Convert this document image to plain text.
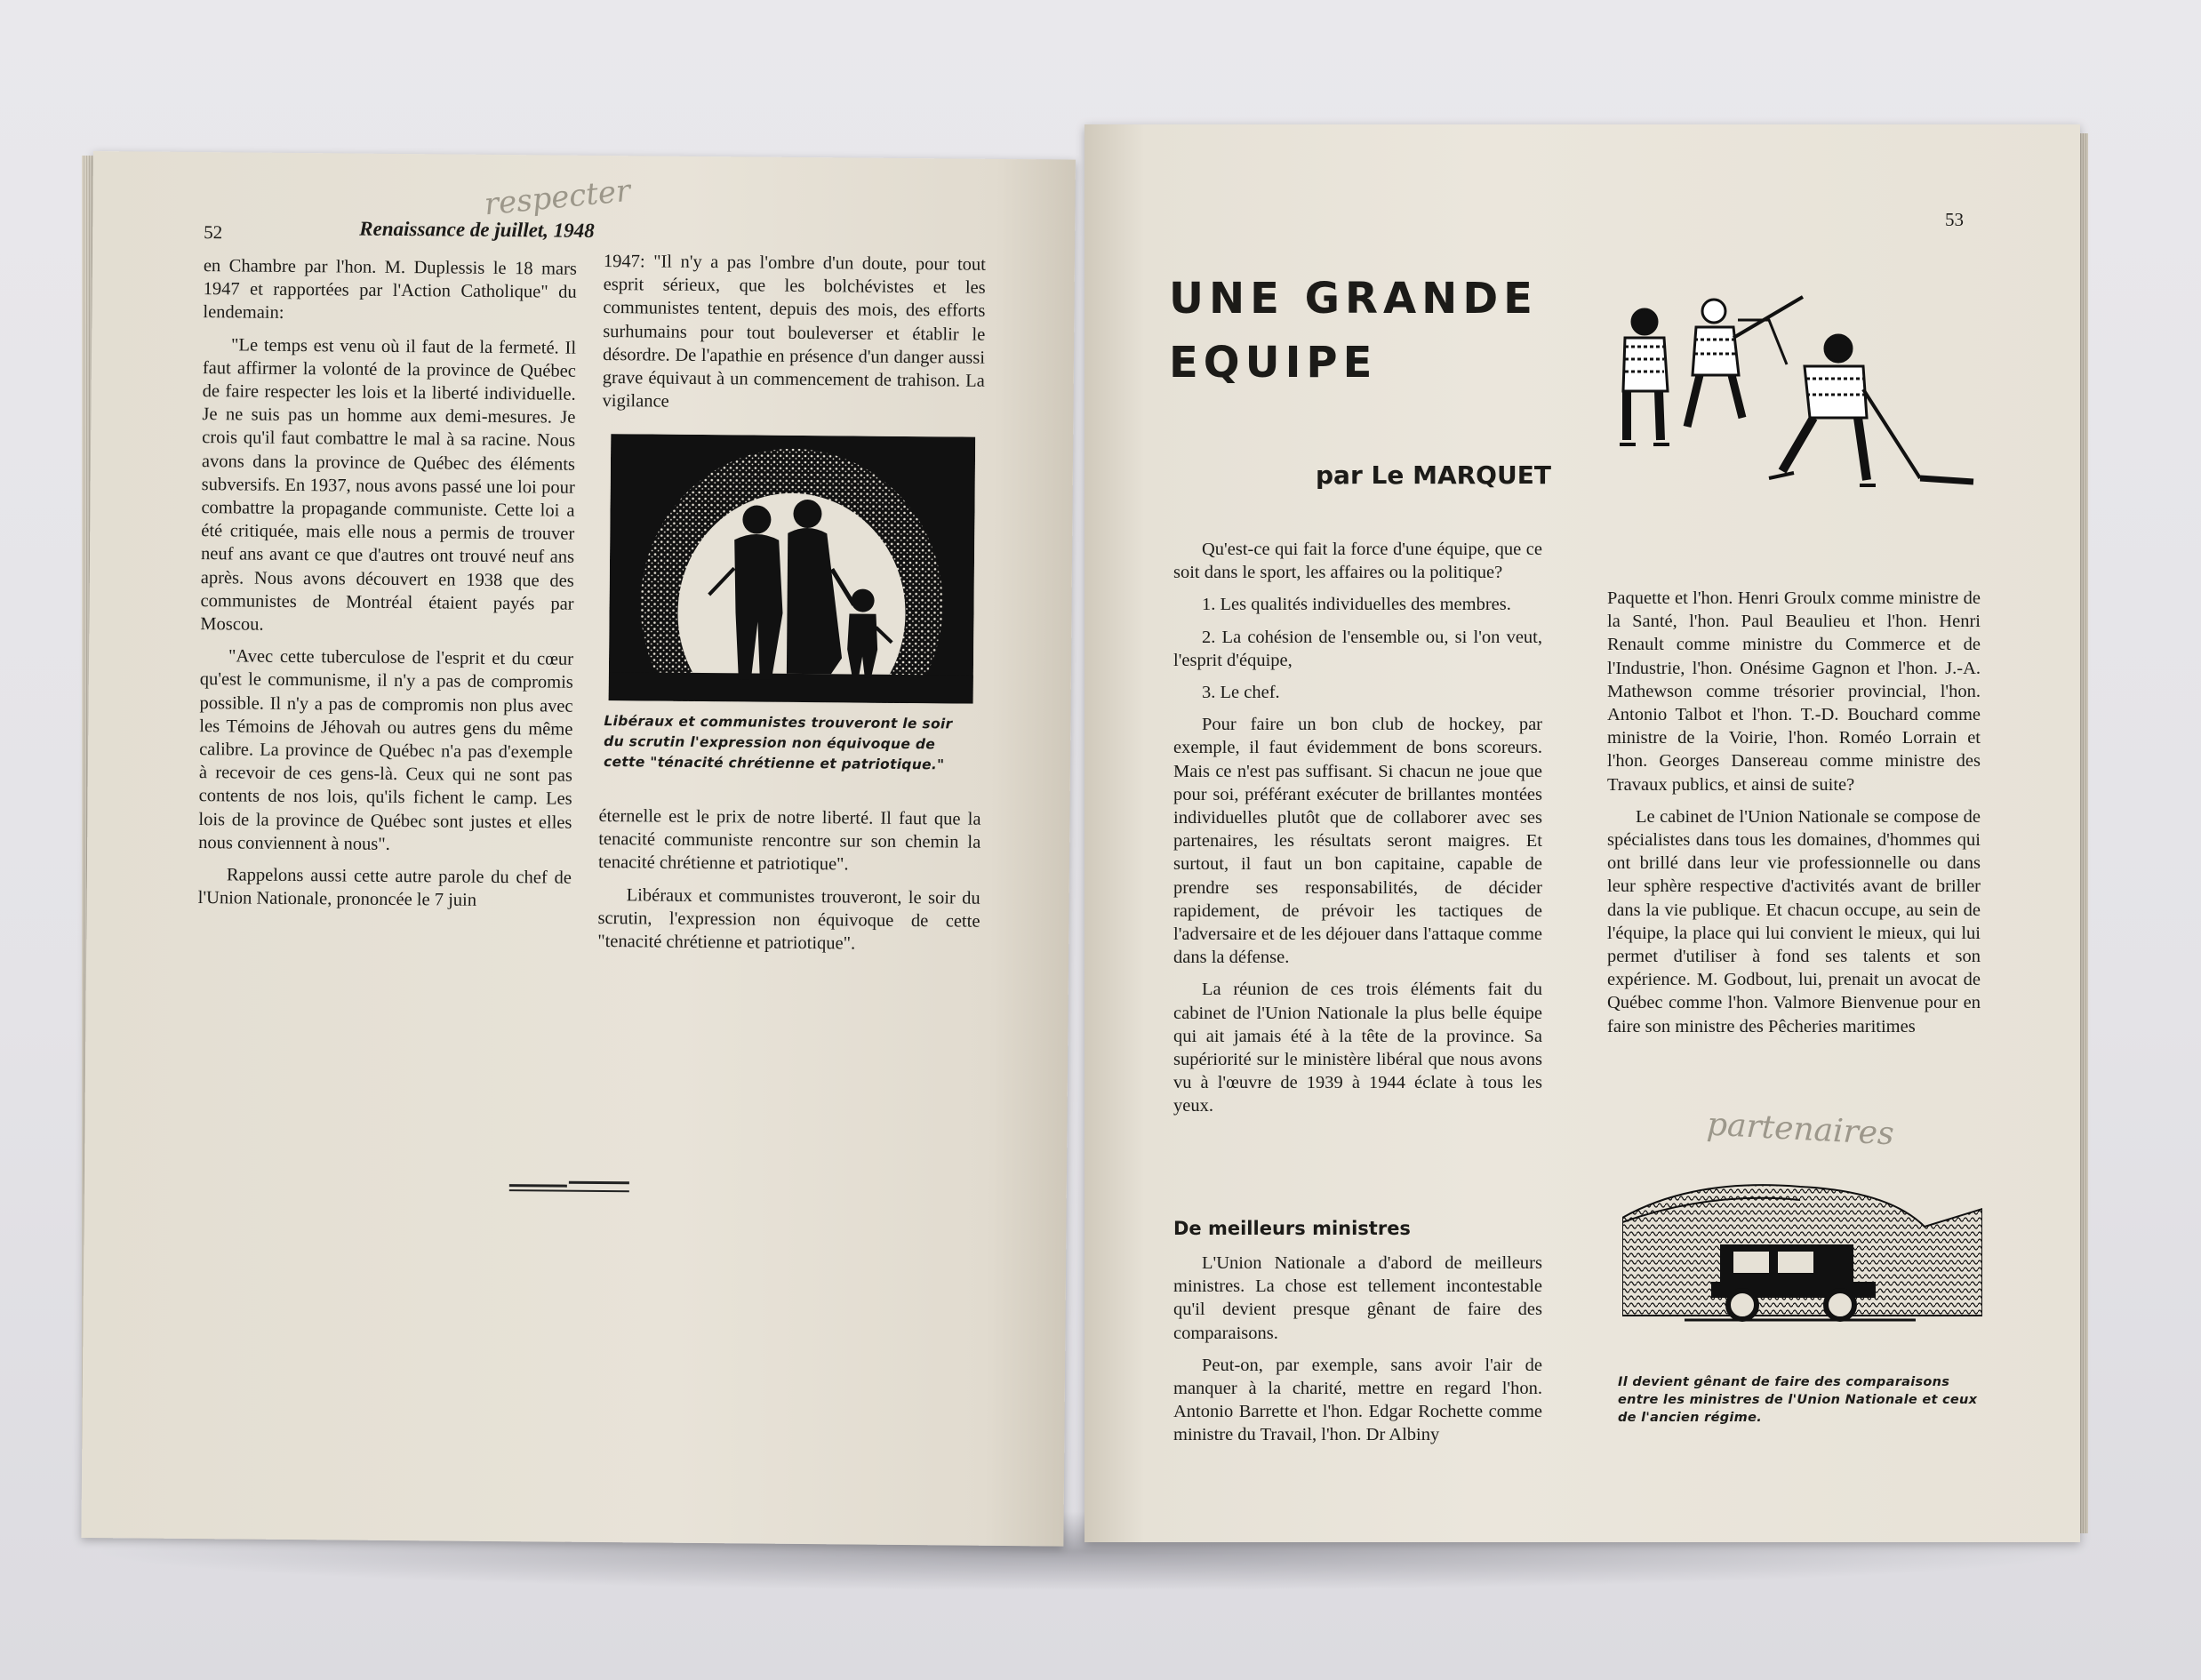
52	Renaissance de juillet, 1948
respecter

en Chambre par l'hon. M. Duplessis le 18 mars 1947 et rapportées par l'Action Catholique" du lendemain:

"Le temps est venu où il faut de la fermeté. Il faut affirmer la volonté de la province de Québec de faire respecter les lois et la liberté individuelle. Je ne suis pas un homme aux demi-mesures. Je crois qu'il faut combattre le mal à sa racine. Nous avons dans la province de Québec des éléments subversifs. En 1937, nous avons passé une loi pour combattre la propagande communiste. Cette loi a été critiquée, mais elle nous a permis de trouver neuf ans avant ce que d'autres ont trouvé neuf ans après. Nous avons découvert en 1938 que des communistes de Montréal étaient payés par Moscou.

"Avec cette tuberculose de l'esprit et du cœur qu'est le communisme, il n'y a pas de compromis possible. Il n'y a pas de compromis non plus avec les Témoins de Jéhovah ou autres gens du même calibre. La province de Québec n'a pas d'exemple à recevoir de ces gens-là. Ceux qui ne sont pas contents de nos lois, qu'ils fichent le camp. Les lois de la province de Québec sont justes et elles nous conviennent à nous".

Rappelons aussi cette autre parole du chef de l'Union Nationale, prononcée le 7 juin

1947: "Il n'y a pas l'ombre d'un doute, pour tout esprit sérieux, que les bolchévistes et les communistes tentent, depuis des mois, des efforts surhumains pour tout bouleverser et établir le désordre. De l'apathie en présence d'un danger aussi grave équivaut à un commencement de trahison. La vigilance

Libéraux et communistes trouveront le soir du scrutin l'expression non équivoque de cette "ténacité chrétienne et patriotique."

éternelle est le prix de notre liberté. Il faut que la tenacité communiste rencontre sur son chemin la tenacité chrétienne et patriotique".

Libéraux et communistes trouveront, le soir du scrutin, l'expression non équivoque de cette "tenacité chrétienne et patriotique".

53
UNE GRANDE
EQUIPE
par Le MARQUET

Qu'est-ce qui fait la force d'une équipe, que ce soit dans le sport, les affaires ou la politique?

1. Les qualités individuelles des membres.

2. La cohésion de l'ensemble ou, si l'on veut, l'esprit d'équipe,

3. Le chef.

Pour faire un bon club de hockey, par exemple, il faut évidemment de bons scoreurs. Mais ce n'est pas suffisant. Si chacun ne joue que pour soi, préférant exécuter de brillantes montées individuelles plutôt que de collaborer avec ses partenaires, les résultats seront maigres. Et surtout, il faut un bon capitaine, capable de prendre ses responsabilités, de décider rapidement, de prévoir les tactiques de l'adversaire et de les déjouer dans l'attaque comme dans la défense.

La réunion de ces trois éléments fait du cabinet de l'Union Nationale la plus belle équipe qui ait jamais été à la tête de la province. Sa supériorité sur le ministère libéral que nous avons vu à l'œuvre de 1939 à 1944 éclate à tous les yeux.

De meilleurs ministres

L'Union Nationale a d'abord de meilleurs ministres. La chose est tellement incontestable qu'il devient presque gênant de faire des comparaisons.

Peut-on, par exemple, sans avoir l'air de manquer à la charité, mettre en regard l'hon. Antonio Barrette et l'hon. Edgar Rochette comme ministre du Travail, l'hon. Dr Albiny

Paquette et l'hon. Henri Groulx comme ministre de la Santé, l'hon. Paul Beaulieu et l'hon. Henri Renault comme ministre du Commerce et de l'Industrie, l'hon. Onésime Gagnon et l'hon. J.-A. Mathewson comme trésorier provincial, l'hon. Antonio Talbot et l'hon. T.-D. Bouchard comme ministre de la Voirie, l'hon. Roméo Lorrain et l'hon. Georges Dansereau comme ministre des Travaux publics, et ainsi de suite?

Le cabinet de l'Union Nationale se compose de spécialistes dans tous les domaines, d'hommes qui ont brillé dans leur vie professionnelle ou dans leur sphère respective d'activités avant de briller dans la vie publique. Et chacun occupe, au sein de l'équipe, la place qui lui convient le mieux, qui lui permet d'utiliser à fond ses talents et son expérience. M. Godbout, lui, prenait un avocat de Québec comme l'hon. Valmore Bienvenue pour en faire son ministre des Pêcheries maritimes

partenaires
Il devient gênant de faire des comparaisons entre les ministres de l'Union Nationale et ceux de l'ancien régime.
